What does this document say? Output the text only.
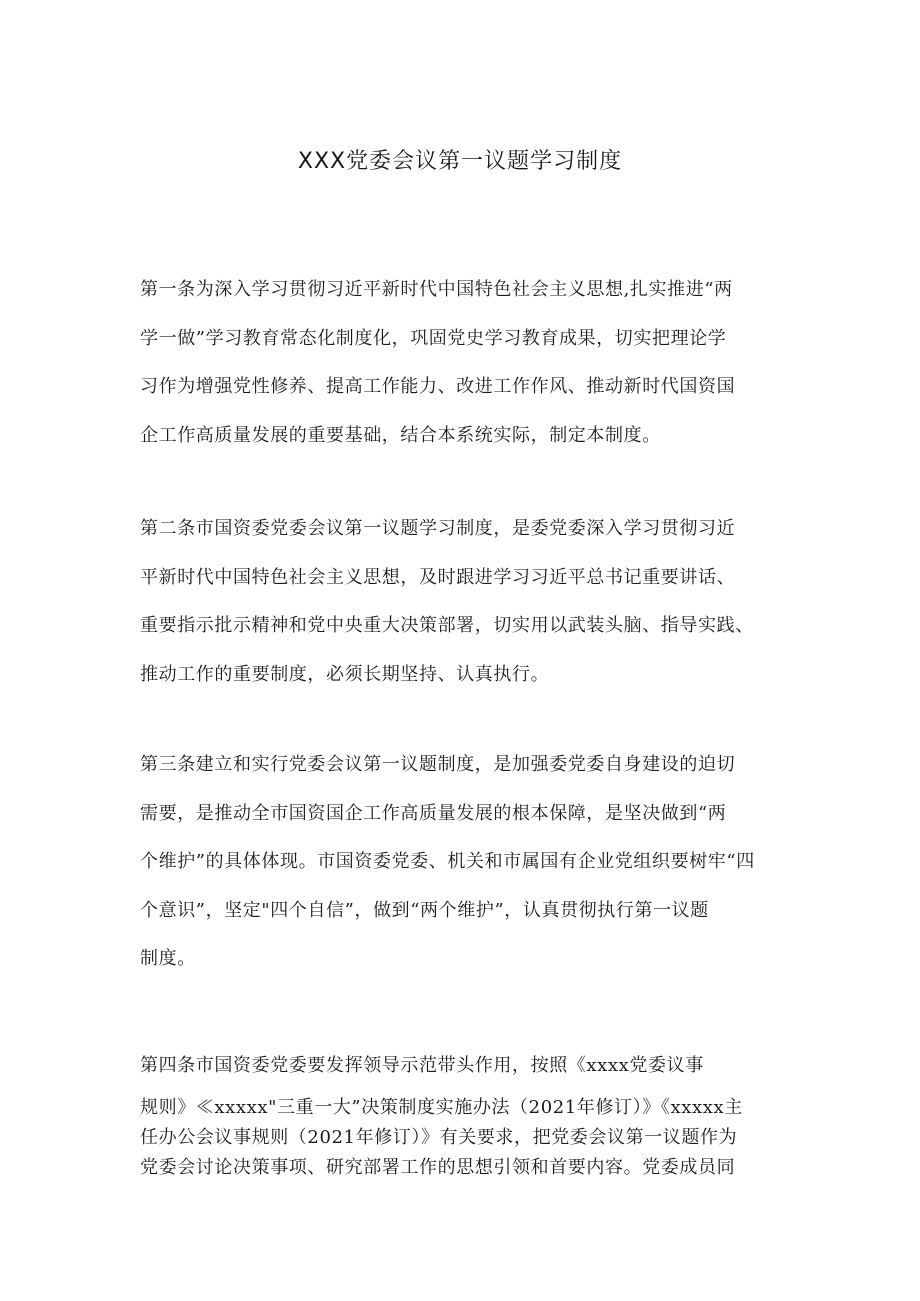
XXX党委会议第一议题学习制度

第一条为深入学习贯彻习近平新时代中国特色社会主义思想,扎实推进“两
学一做”学习教育常态化制度化，巩固党史学习教育成果，切实把理论学
习作为增强党性修养、提高工作能力、改进工作作风、推动新时代国资国
企工作高质量发展的重要基础，结合本系统实际，制定本制度。

第二条市国资委党委会议第一议题学习制度，是委党委深入学习贯彻习近
平新时代中国特色社会主义思想，及时跟进学习习近平总书记重要讲话、
重要指示批示精神和党中央重大决策部署，切实用以武装头脑、指导实践、
推动工作的重要制度，必须长期坚持、认真执行。

第三条建立和实行党委会议第一议题制度，是加强委党委自身建设的迫切
需要，是推动全市国资国企工作高质量发展的根本保障，是坚决做到“两
个维护”的具体体现。市国资委党委、机关和市属国有企业党组织要树牢“四
个意识”，坚定"四个自信”，做到“两个维护”，认真贯彻执行第一议题
制度。

第四条市国资委党委要发挥领导示范带头作用，按照《xxxx党委议事

规则》≪xxxxx"三重一大”决策制度实施办法（2021年修订）》《xxxxx主
任办公会议事规则（2021年修订）》有关要求，把党委会议第一议题作为
党委会讨论决策事项、研究部署工作的思想引领和首要内容。党委成员同
